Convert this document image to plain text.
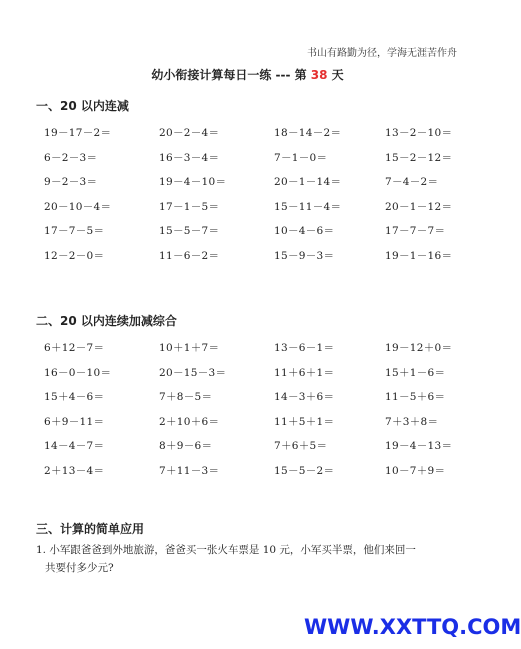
书山有路勤为径，学海无涯苦作舟
幼小衔接计算每日一练 --- 第 38 天
一、20 以内连减
19－17－2＝	20－2－4＝	18－14－2＝	13－2－10＝
6－2－3＝	16－3－4＝	7－1－0＝	15－2－12＝
9－2－3＝	19－4－10＝	20－1－14＝	7－4－2＝
20－10－4＝	17－1－5＝	15－11－4＝	20－1－12＝
17－7－5＝	15－5－7＝	10－4－6＝	17－7－7＝
12－2－0＝	11－6－2＝	15－9－3＝	19－1－16＝
二、20 以内连续加减综合
6＋12－7＝	10＋1＋7＝	13－6－1＝	19－12＋0＝
16－0－10＝	20－15－3＝	11＋6＋1＝	15＋1－6＝
15＋4－6＝	7＋8－5＝	14－3＋6＝	11－5＋6＝
6＋9－11＝	2＋10＋6＝	11＋5＋1＝	7＋3＋8＝
14－4－7＝	8＋9－6＝	7＋6＋5＝	19－4－13＝
2＋13－4＝	7＋11－3＝	15－5－2＝	10－7＋9＝
三、计算的简单应用
1. 小军跟爸爸到外地旅游，爸爸买一张火车票是 10 元，小军买半票，他们来回一
共要付多少元?
WWW.XXTTQ.COM
